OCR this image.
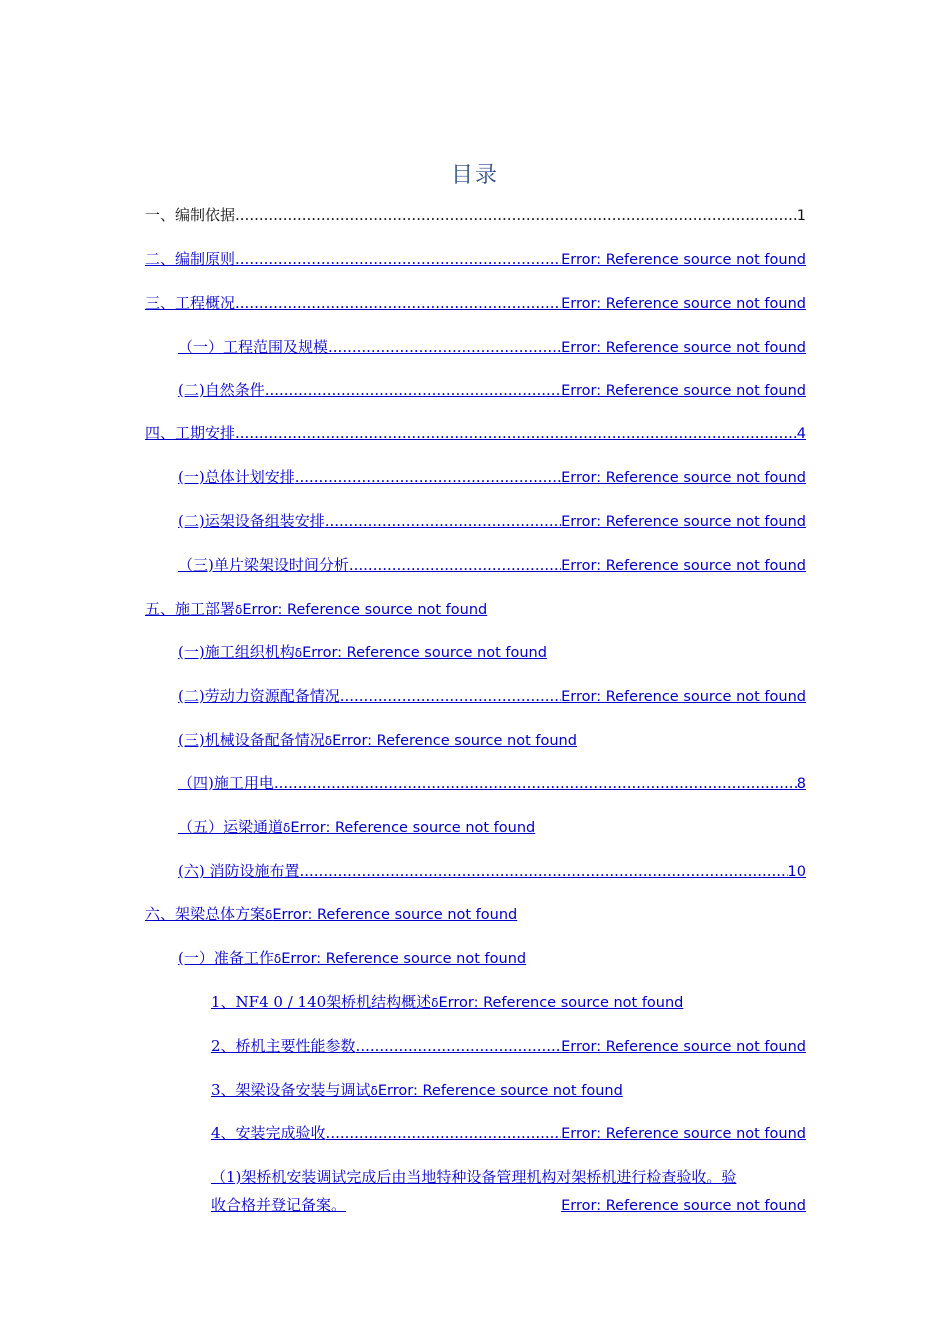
目录
一、编制依据 .....	1
二、编制原则 .....	Error: Reference source not found
三、工程概况 .....	Error: Reference source not found
（一）工程范围及规模 .....	Error: Reference source not found
(二)自然条件 .....	Error: Reference source not found
四、工期安排 .....	4
(一)总体计划安排 .....	Error: Reference source not found
(二)运架设备组装安排 .....	Error: Reference source not found
（三)单片梁架设时间分析 .....	Error: Reference source not found
五、施工部署 δ Error: Reference source not found
(一)施工组织机构 δ Error: Reference source not found
(二)劳动力资源配备情况 .....	Error: Reference source not found
(三)机械设备配备情况 δ Error: Reference source not found
（四)施工用电 .....	8
（五）运梁通道 δ Error: Reference source not found
(六) 消防设施布置 .....	10
六、架梁总体方案 δ Error: Reference source not found
(一）准备工作 δ Error: Reference source not found
1、NF4 0 / 140架桥机结构概述 δ Error: Reference source not found
2、桥机主要性能参数 .....	Error: Reference source not found
3、架梁设备安装与调试 δ Error: Reference source not found
4、安装完成验收 .....	Error: Reference source not found
（1)架桥机安装调试完成后由当地特种设备管理机构对架桥机进行检查验收。验
收合格并登记备案。	Error: Reference source not found
